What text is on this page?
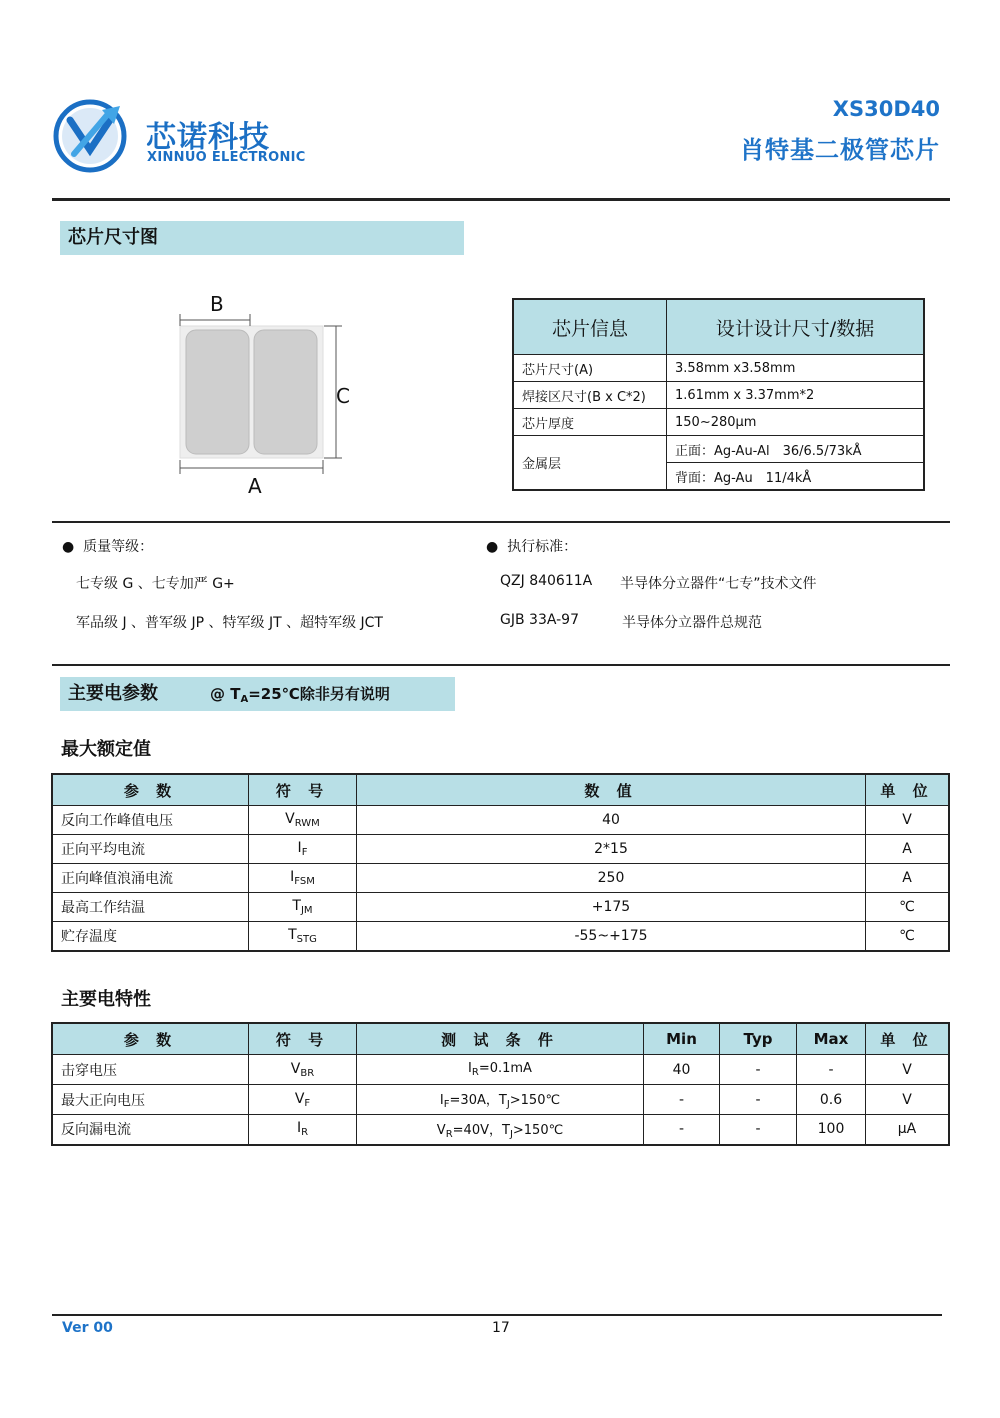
芯诺科技
XINNUO ELECTRONIC
XS30D40
肖特基二极管芯片
芯片尺寸图
B
C
A
芯片信息	设计设计尺寸/数据
芯片尺寸(A)	3.58mm x3.58mm
焊接区尺寸(B x C*2)	1.61mm x 3.37mm*2
芯片厚度	150~280μm
金属层	正面：Ag-Au-Al　36/6.5/73kÅ
	背面：Ag-Au　11/4kÅ
●  质量等级：
七专级 G 、七专加严 G+
军品级 J 、普军级 JP 、特军级 JT 、超特军级 JCT
●  执行标准：
QZJ 840611A 半导体分立器件“七专”技术文件
GJB 33A-97	半导体分立器件总规范
主要电参数	@ $T_A=25℃$除非另有说明
最大额定值
参 数	符 号	数 值	单 位
反向工作峰值电压	$V_{RWM}$	40	V
正向平均电流	$I_F$	2*15	A
正向峰值浪涌电流	$I_{FSM}$	250	A
最高工作结温	$T_{JM}$	+175	℃
贮存温度	$T_{STG}$	-55~+175	℃
主要电特性
参 数	符 号	测 试 条 件	Min	Typ	Max	单 位
击穿电压	$V_{BR}$	$I_R=0.1mA$	40	-	-	V
最大正向电压	$V_F$	$I_F=30A$，$T_J>150℃$	-	-	0.6	V
反向漏电流	$I_R$	$V_R=40V$，$T_J>150℃$	-	-	100	μA
Ver 00	17
